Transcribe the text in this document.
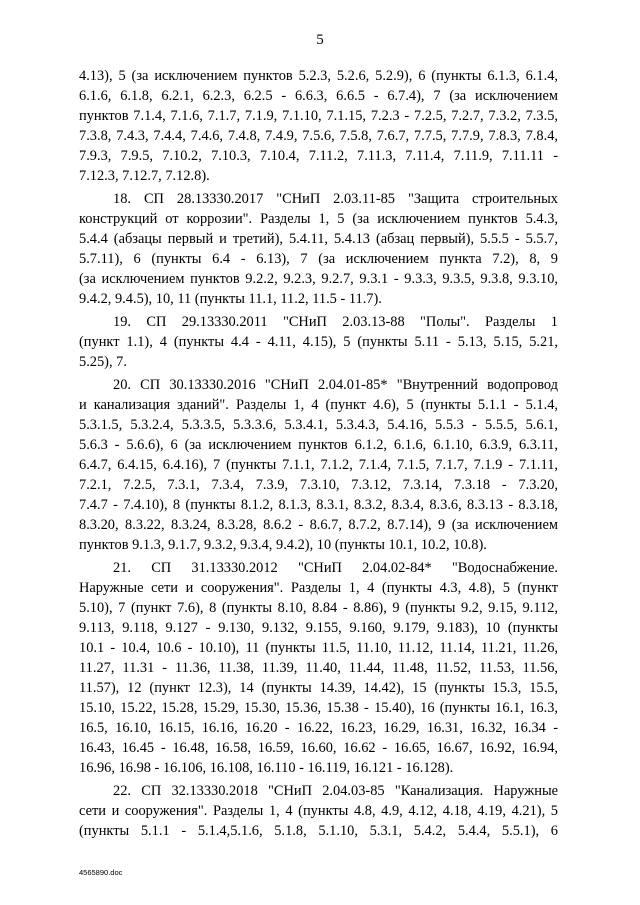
5
4.13), 5 (за исключением пунктов 5.2.3, 5.2.6, 5.2.9), 6 (пункты 6.1.3, 6.1.4,
6.1.6, 6.1.8, 6.2.1, 6.2.3, 6.2.5 - 6.6.3, 6.6.5 - 6.7.4), 7 (за исключением
пунктов 7.1.4, 7.1.6, 7.1.7, 7.1.9, 7.1.10, 7.1.15, 7.2.3 - 7.2.5, 7.2.7, 7.3.2, 7.3.5,
7.3.8, 7.4.3, 7.4.4, 7.4.6, 7.4.8, 7.4.9, 7.5.6, 7.5.8, 7.6.7, 7.7.5, 7.7.9, 7.8.3, 7.8.4,
7.9.3, 7.9.5, 7.10.2, 7.10.3, 7.10.4, 7.11.2, 7.11.3, 7.11.4, 7.11.9, 7.11.11 -
7.12.3, 7.12.7, 7.12.8).
18. СП 28.13330.2017 "СНиП 2.03.11-85 "Защита строительных
конструкций от коррозии". Разделы 1, 5 (за исключением пунктов 5.4.3,
5.4.4 (абзацы первый и третий), 5.4.11, 5.4.13 (абзац первый), 5.5.5 - 5.5.7,
5.7.11), 6 (пункты 6.4 - 6.13), 7 (за исключением пункта 7.2), 8, 9
(за исключением пунктов 9.2.2, 9.2.3, 9.2.7, 9.3.1 - 9.3.3, 9.3.5, 9.3.8, 9.3.10,
9.4.2, 9.4.5), 10, 11 (пункты 11.1, 11.2, 11.5 - 11.7).
19. СП 29.13330.2011 "СНиП 2.03.13-88 "Полы". Разделы 1
(пункт 1.1), 4 (пункты 4.4 - 4.11, 4.15), 5 (пункты 5.11 - 5.13, 5.15, 5.21,
5.25), 7.
20. СП 30.13330.2016 "СНиП 2.04.01-85* "Внутренний водопровод
и канализация зданий". Разделы 1, 4 (пункт 4.6), 5 (пункты 5.1.1 - 5.1.4,
5.3.1.5, 5.3.2.4, 5.3.3.5, 5.3.3.6, 5.3.4.1, 5.3.4.3, 5.4.16, 5.5.3 - 5.5.5, 5.6.1,
5.6.3 - 5.6.6), 6 (за исключением пунктов 6.1.2, 6.1.6, 6.1.10, 6.3.9, 6.3.11,
6.4.7, 6.4.15, 6.4.16), 7 (пункты 7.1.1, 7.1.2, 7.1.4, 7.1.5, 7.1.7, 7.1.9 - 7.1.11,
7.2.1, 7.2.5, 7.3.1, 7.3.4, 7.3.9, 7.3.10, 7.3.12, 7.3.14, 7.3.18 - 7.3.20,
7.4.7 - 7.4.10), 8 (пункты 8.1.2, 8.1.3, 8.3.1, 8.3.2, 8.3.4, 8.3.6, 8.3.13 - 8.3.18,
8.3.20, 8.3.22, 8.3.24, 8.3.28, 8.6.2 - 8.6.7, 8.7.2, 8.7.14), 9 (за исключением
пунктов 9.1.3, 9.1.7, 9.3.2, 9.3.4, 9.4.2), 10 (пункты 10.1, 10.2, 10.8).
21. СП 31.13330.2012 "СНиП 2.04.02-84* "Водоснабжение.
Наружные сети и сооружения". Разделы 1, 4 (пункты 4.3, 4.8), 5 (пункт
5.10), 7 (пункт 7.6), 8 (пункты 8.10, 8.84 - 8.86), 9 (пункты 9.2, 9.15, 9.112,
9.113, 9.118, 9.127 - 9.130, 9.132, 9.155, 9.160, 9.179, 9.183), 10 (пункты
10.1 - 10.4, 10.6 - 10.10), 11 (пункты 11.5, 11.10, 11.12, 11.14, 11.21, 11.26,
11.27, 11.31 - 11.36, 11.38, 11.39, 11.40, 11.44, 11.48, 11.52, 11.53, 11.56,
11.57), 12 (пункт 12.3), 14 (пункты 14.39, 14.42), 15 (пункты 15.3, 15.5,
15.10, 15.22, 15.28, 15.29, 15.30, 15.36, 15.38 - 15.40), 16 (пункты 16.1, 16.3,
16.5, 16.10, 16.15, 16.16, 16.20 - 16.22, 16.23, 16.29, 16.31, 16.32, 16.34 -
16.43, 16.45 - 16.48, 16.58, 16.59, 16.60, 16.62 - 16.65, 16.67, 16.92, 16.94,
16.96, 16.98 - 16.106, 16.108, 16.110 - 16.119, 16.121 - 16.128).
22. СП 32.13330.2018 "СНиП 2.04.03-85 "Канализация. Наружные
сети и сооружения". Разделы 1, 4 (пункты 4.8, 4.9, 4.12, 4.18, 4.19, 4.21), 5
(пункты 5.1.1 - 5.1.4,5.1.6, 5.1.8, 5.1.10, 5.3.1, 5.4.2, 5.4.4, 5.5.1), 6
4565890.doc
